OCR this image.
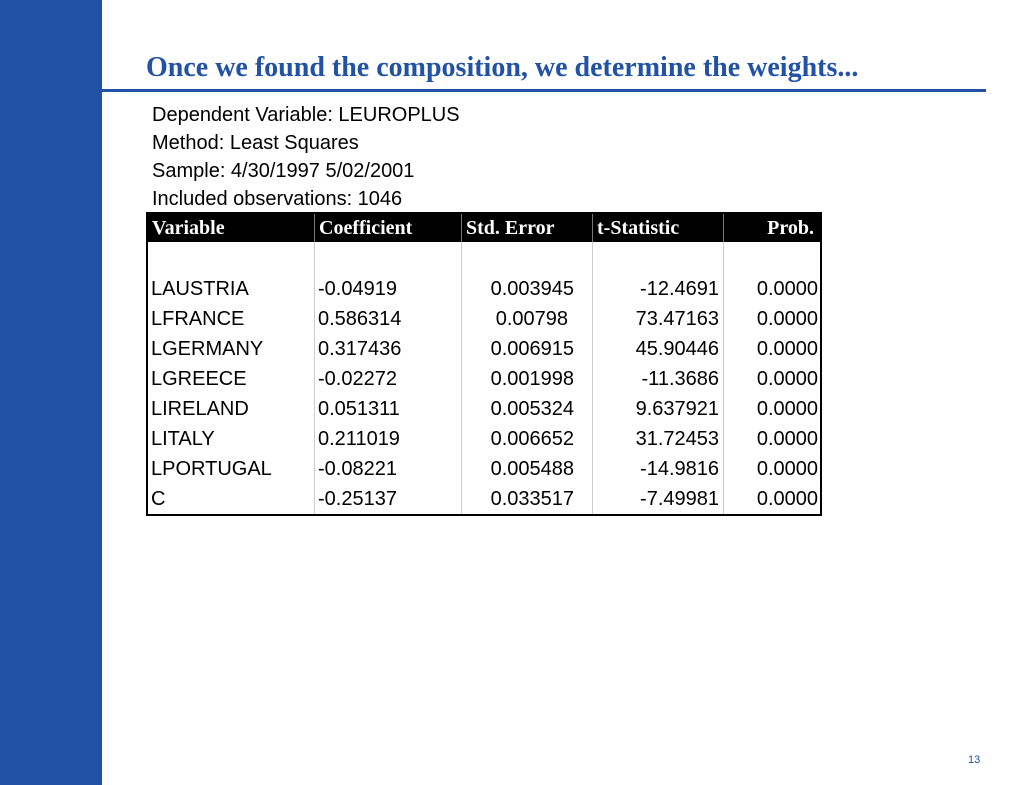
Once we found the composition, we determine the weights...
Dependent Variable: LEUROPLUS
Method: Least Squares
Sample: 4/30/1997 5/02/2001
Included observations: 1046
Variable	Coefficient	Std. Error	t-Statistic	Prob.
LAUSTRIA	-0.04919	0.003945	-12.4691	0.0000
LFRANCE	0.586314	0.00798	73.47163	0.0000
LGERMANY	0.317436	0.006915	45.90446	0.0000
LGREECE	-0.02272	0.001998	-11.3686	0.0000
LIRELAND	0.051311	0.005324	9.637921	0.0000
LITALY	0.211019	0.006652	31.72453	0.0000
LPORTUGAL	-0.08221	0.005488	-14.9816	0.0000
C	-0.25137	0.033517	-7.49981	0.0000
13
